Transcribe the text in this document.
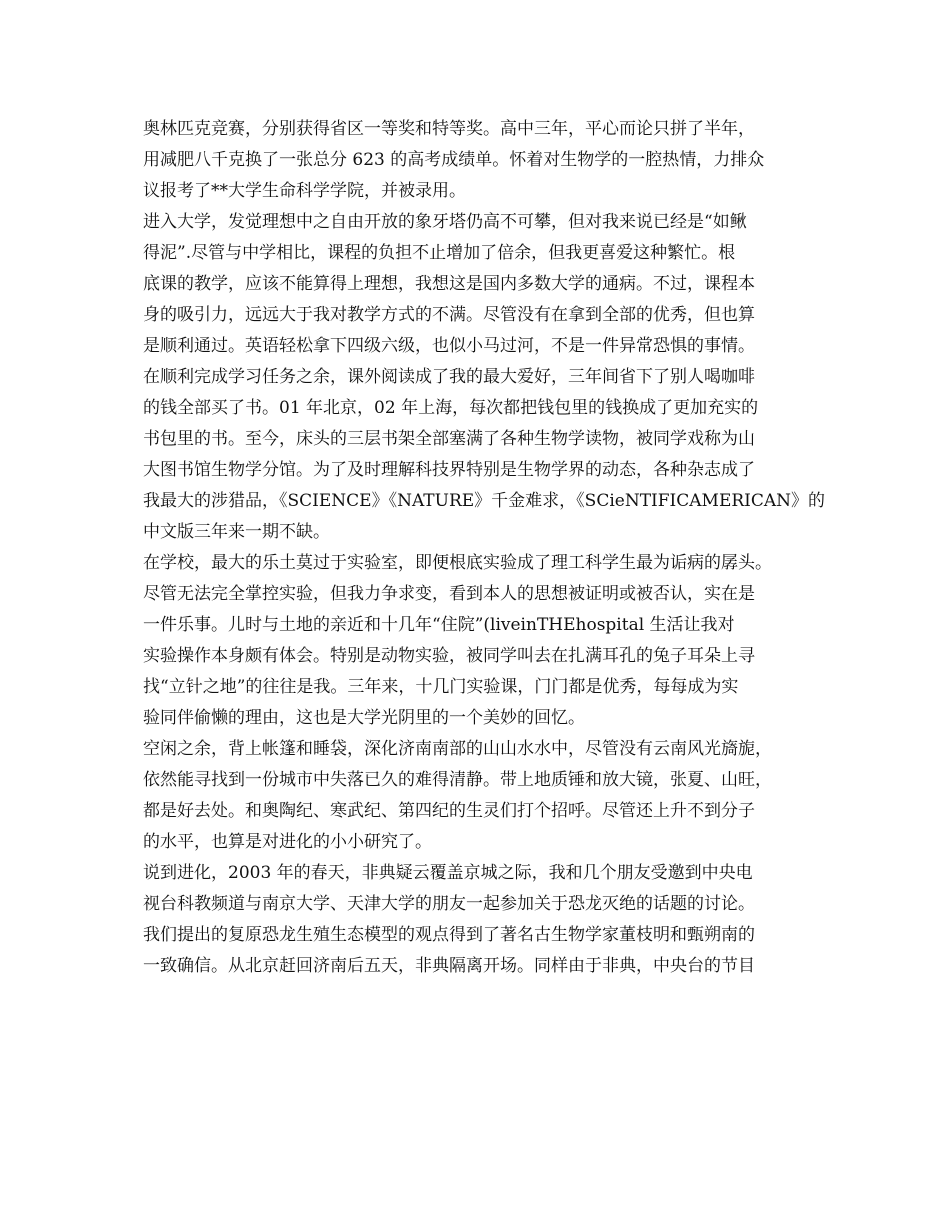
奥林匹克竞赛，分别获得省区一等奖和特等奖。高中三年，平心而论只拼了半年，
用减肥八千克换了一张总分 623 的高考成绩单。怀着对生物学的一腔热情，力排众
议报考了**大学生命科学学院，并被录用。
进入大学，发觉理想中之自由开放的象牙塔仍高不可攀，但对我来说已经是“如鳅
得泥”.尽管与中学相比，课程的负担不止增加了倍余，但我更喜爱这种繁忙。根
底课的教学，应该不能算得上理想，我想这是国内多数大学的通病。不过，课程本
身的吸引力，远远大于我对教学方式的不满。尽管没有在拿到全部的优秀，但也算
是顺利通过。英语轻松拿下四级六级，也似小马过河，不是一件异常恐惧的事情。
在顺利完成学习任务之余，课外阅读成了我的最大爱好，三年间省下了别人喝咖啡
的钱全部买了书。01 年北京，02 年上海，每次都把钱包里的钱换成了更加充实的
书包里的书。至今，床头的三层书架全部塞满了各种生物学读物，被同学戏称为山
大图书馆生物学分馆。为了及时理解科技界特别是生物学界的动态，各种杂志成了
我最大的涉猎品，《SCIENCE》《NATURE》千金难求，《SCieNTIFICAMERICAN》的
中文版三年来一期不缺。
在学校，最大的乐土莫过于实验室，即便根底实验成了理工科学生最为诟病的孱头。
尽管无法完全掌控实验，但我力争求变，看到本人的思想被证明或被否认，实在是
一件乐事。儿时与土地的亲近和十几年“住院”(liveinTHEhospital 生活让我对
实验操作本身颇有体会。特别是动物实验，被同学叫去在扎满耳孔的兔子耳朵上寻
找“立针之地”的往往是我。三年来，十几门实验课，门门都是优秀，每每成为实
验同伴偷懒的理由，这也是大学光阴里的一个美妙的回忆。
空闲之余，背上帐篷和睡袋，深化济南南部的山山水水中，尽管没有云南风光旖旎，
依然能寻找到一份城市中失落已久的难得清静。带上地质锤和放大镜，张夏、山旺，
都是好去处。和奥陶纪、寒武纪、第四纪的生灵们打个招呼。尽管还上升不到分子
的水平，也算是对进化的小小研究了。
说到进化，2003 年的春天，非典疑云覆盖京城之际，我和几个朋友受邀到中央电
视台科教频道与南京大学、天津大学的朋友一起参加关于恐龙灭绝的话题的讨论。
我们提出的复原恐龙生殖生态模型的观点得到了著名古生物学家董枝明和甄朔南的
一致确信。从北京赶回济南后五天，非典隔离开场。同样由于非典，中央台的节目
